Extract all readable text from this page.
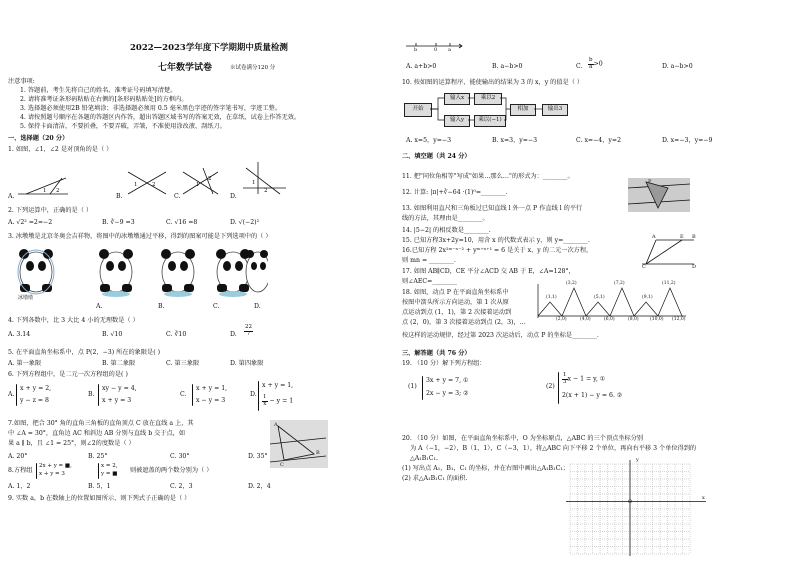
2022—2023学年度下学期期中质量检测
七年数学试卷	※试卷满分120 分
注意事项:
1. 答题前，考生先将自己的姓名、准考证号码填写清楚。
2. 请将准考证条形码粘贴在右侧的[条形码粘贴处]的方框内。
3. 选择题必须使用2B 铅笔填涂；非选择题必须用 0.5 毫米黑色字迹的签字笔书写，字迹工整。
4. 请按照题号顺序在各题的答题区内作答，超出答题区域书写的答案无效，在草纸、试卷上作答无效。
5. 保持卡面清洁，不要折叠，不要弄破，弄皱，不准使用涂改液、刮纸刀。
一、选择题（20 分）
1. 如图，∠1，∠2 是对顶角的是（ ）
1 2
1	2	1
2
1
2
A.	B.	C.	D.
2. 下列运算中，正确的是（ ）
A. √2² =2=−2	B. ∛−9 =3	C. √16 =8	D. √(−2)²
3. 冰墩墩是北京冬奥会吉祥物，将图中的冰墩墩通过平移，得到的图案可能是下列选项中的（ ）
冰墩墩
A.	B.	C.	D.
4. 下列各数中，比 3 大比 4 小的无理数是（ ）
A. 3.14	B. √10	C. ∛10	D. $\frac{22}{7}$
5. 在平面直角坐标系中，点 P(2，−3) 所在的象限是( )
A. 第一象限	B. 第二象限	C. 第三象限	D. 第四象限
6. 下列方程组中，是二元一次方程组的是( )
A.
x + y = 2,
y − z = 8
B.
xy − y = 4,
x + y = 3
C.
x + y = 1,
x − y = 3
D.
x + y = 1,
$\frac{1}{x} - y = 1$
7.如图，把合 30° 角的直角三角板的直角顶点 C 放在直线 a 上，其
中 ∠A = 30°，直角边 AC 和斜边 AB 分别与直线 b 交于点，如
果 a ∥ b，且 ∠1 = 25°，则∠2的度数是（ ）
A
B
C
A. 20°	B. 25°	C. 30°	D. 35°
8.方程组
2x + y = ■,
x + y = 3
x = 2,
y = ■ 则被遮盖的两个数分别为（ ）
A. 1，2	B. 5，1	C. 2，3	D. 2，4
9. 实数 a，b 在数轴上的位置如图所示，则下列式子正确的是（ ）
b	0 a
A. a+b>0	B. a−b>0	C. $\frac{b}{a} >0$	D. a−b>0
10. 按如图的运算程序，能使输出的结果为 3 的 x，y 的值是（ ）
开始
输入x	乘以2
输入y	乘以(−1)
相加	输出3
A. x=5，y=−3	B. x=3，y=−3	C. x=−4，y=2	D. x=−3，y=−9
二、填空题（共 24 分）
11. 把"同位角相等"写成"如果…那么…"的形式为：________。
12. 计算: |π|+∛−64 ·(1)⁰=________.
P
13. 如图利用直尺和三角板过已知直线 l 外一点 P 作直线 l 的平行
线的方法，其理由是________。
14. |5−2| 的相反数是________.
15. 已知方程3x+2y=10，用含 x 的代数式表示 y，则 y=________.
16.已知方程 2x²ᵐ⁻ⁿ⁻² + yᵐ⁺ⁿ⁺¹ = 6 是关于 x、y 的二元一次方程，
则 mn = ________.
A	E B
C	D
17. 如图 AB∥CD，CE 平分∠ACD 交 AB 于 E，∠A=128°，
则∠AEC=________
18. 如图，动点 P 在平面直角坐标系中
按图中箭头所示方向运动，第 1 次从原
点运动到点 (1，1)，第 2 次接着运动到
点 (2，0)，第 3 次接着运动到点 (2，3)，…
按这样的运动规律，经过第 2023 次运动后，动点 P 的坐标是________.
(1,1)
(3,2)
(5,1)
(7,2)
(9,1)
(11,2)
(2,0)	(4,0)	(6,0)	(8,0)	(10,0) (12,0)
三、解答题（共 76 分）
19. （10 分）解下列方程组：
(1)
3x + y = 7, ①
2x − y = 3; ②
(2)
$\frac{1}{3}$ x − 1 = y, ①
2(x + 1) − y = 6. ②
20. （10 分）如图，在平面直角坐标系中，O 为坐标原点，△ABC 的三个顶点坐标分别
为 A（−1，−2），B（1，1），C（−3，1），将△ABC 向下平移 2 个单位，再向右平移 3 个单位得到的
△A₁B₁C₁.
(1) 写出点 A₁，B₁，C₁ 的坐标，并在右图中画出△A₁B₁C₁；
(2) 求△A₁B₁C₁ 的面积.
y
x
O
